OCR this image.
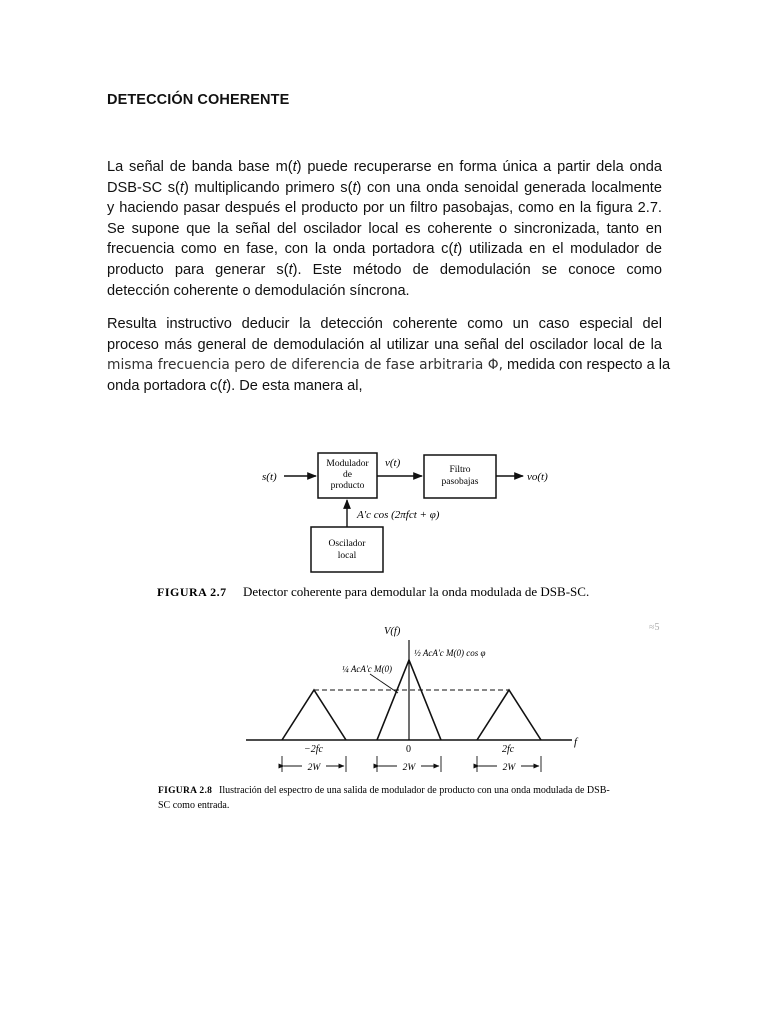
DETECCIÓN COHERENTE
La señal de banda base m(t) puede recuperarse en forma única a partir dela onda
DSB-SC s(t) multiplicando primero s(t) con una onda senoidal generada localmente
y haciendo pasar después el producto por un filtro pasobajas, como en la figura 2.7.
Se supone que la señal del oscilador local es coherente o sincronizada, tanto en
frecuencia como en fase, con la onda portadora c(t) utilizada en el modulador de
producto para generar s(t). Este método de demodulación se conoce como
detección coherente o demodulación síncrona.
Resulta instructivo deducir la detección coherente como un caso especial del
proceso más general de demodulación al utilizar una señal del oscilador local de la
misma frecuencia pero de diferencia de fase arbitraria Φ, medida con respecto a la
onda portadora c(t). De esta manera al,
s(t)
Modulador
de
producto
v(t)
Filtro
pasobajas	vo(t)
A'c cos (2πfct + φ)
Oscilador
local
FIGURA 2.7 Detector coherente para demodular la onda modulada de DSB-SC.
V(f)
f
¼ AcA'c M(0)
½ AcA'c M(0) cos φ
−2fc	0	2fc
2W	2W	2W
≈5
FIGURA 2.8 Ilustración del espectro de una salida de modulador de producto con una onda modulada de DSB-
SC como entrada.
